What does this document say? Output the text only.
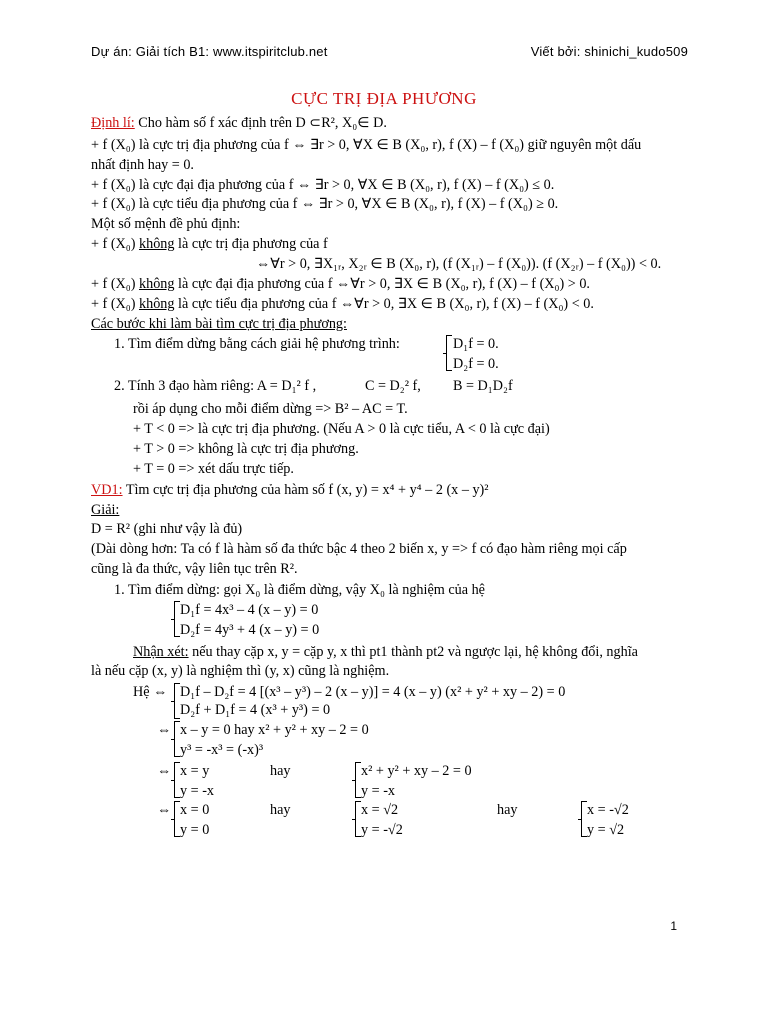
Dự án: Giải tích B1: www.itspiritclub.net	Viết bởi: shinichi_kudo509
CỰC TRỊ ĐỊA PHƯƠNG
Định lí: Cho hàm số f xác định trên D ⊂R², X₀∈ D.
+ f (X₀) là cực trị địa phương của f ⇔ ∃r > 0, ∀X ∈ B (X₀, r), f (X) – f (X₀) giữ nguyên một dấu
nhất định hay = 0.
+ f (X₀) là cực đại địa phương của f ⇔ ∃r > 0, ∀X ∈ B (X₀, r), f (X) – f (X₀) ≤ 0.
+ f (X₀) là cực tiểu địa phương của f ⇔ ∃r > 0, ∀X ∈ B (X₀, r), f (X) – f (X₀) ≥ 0.
Một số mệnh đề phủ định:
+ f (X₀) không là cực trị địa phương của f
⇔∀r > 0, ∃X₁ᵣ, X₂ᵣ ∈ B (X₀, r), (f (X₁ᵣ) – f (X₀)). (f (X₂ᵣ) – f (X₀)) < 0.
+ f (X₀) không là cực đại địa phương của f ⇔∀r > 0, ∃X ∈ B (X₀, r), f (X) – f (X₀) > 0.
+ f (X₀) không là cực tiểu địa phương của f ⇔∀r > 0, ∃X ∈ B (X₀, r), f (X) – f (X₀) < 0.
Các bước khi làm bài tìm cực trị địa phương:
1. Tìm điểm dừng bằng cách giải hệ phương trình:	D₁f = 0.
D₂f = 0.
2. Tính 3 đạo hàm riêng: A = D₁² f ,	C = D₂² f, B = D₁D₂f
rồi áp dụng cho mỗi điểm dừng => B² – AC = T.
+ T < 0 => là cực trị địa phương. (Nếu A > 0 là cực tiểu, A < 0 là cực đại)
+ T > 0 => không là cực trị địa phương.
+ T = 0 => xét dấu trực tiếp.
VD1: Tìm cực trị địa phương của hàm số f (x, y) = x⁴ + y⁴ – 2 (x – y)²
Giải:
D = R² (ghi như vậy là đủ)
(Dài dòng hơn: Ta có f là hàm số đa thức bậc 4 theo 2 biến x, y => f có đạo hàm riêng mọi cấp
cũng là đa thức, vậy liên tục trên R².
1. Tìm điểm dừng: gọi X₀ là điểm dừng, vậy X₀ là nghiệm của hệ
D₁f = 4x³ – 4 (x – y) = 0
D₂f = 4y³ + 4 (x – y) = 0
Nhận xét: nếu thay cặp x, y = cặp y, x thì pt1 thành pt2 và ngược lại, hệ không đổi, nghĩa
là nếu cặp (x, y) là nghiệm thì (y, x) cũng là nghiệm.
Hệ ⇔ D₁f – D₂f = 4 [(x³ – y³) – 2 (x – y)] = 4 (x – y) (x² + y² + xy – 2) = 0
D₂f + D₁f = 4 (x³ + y³) = 0
⇔ x – y = 0 hay x² + y² + xy – 2 = 0
y³ = -x³ = (-x)³
⇔ x = y	hay	x² + y² + xy – 2 = 0
y = -x	y = -x
⇔ x = 0	hay	x = √2	hay	x = -√2
y = 0	y = -√2	y = √2
1
